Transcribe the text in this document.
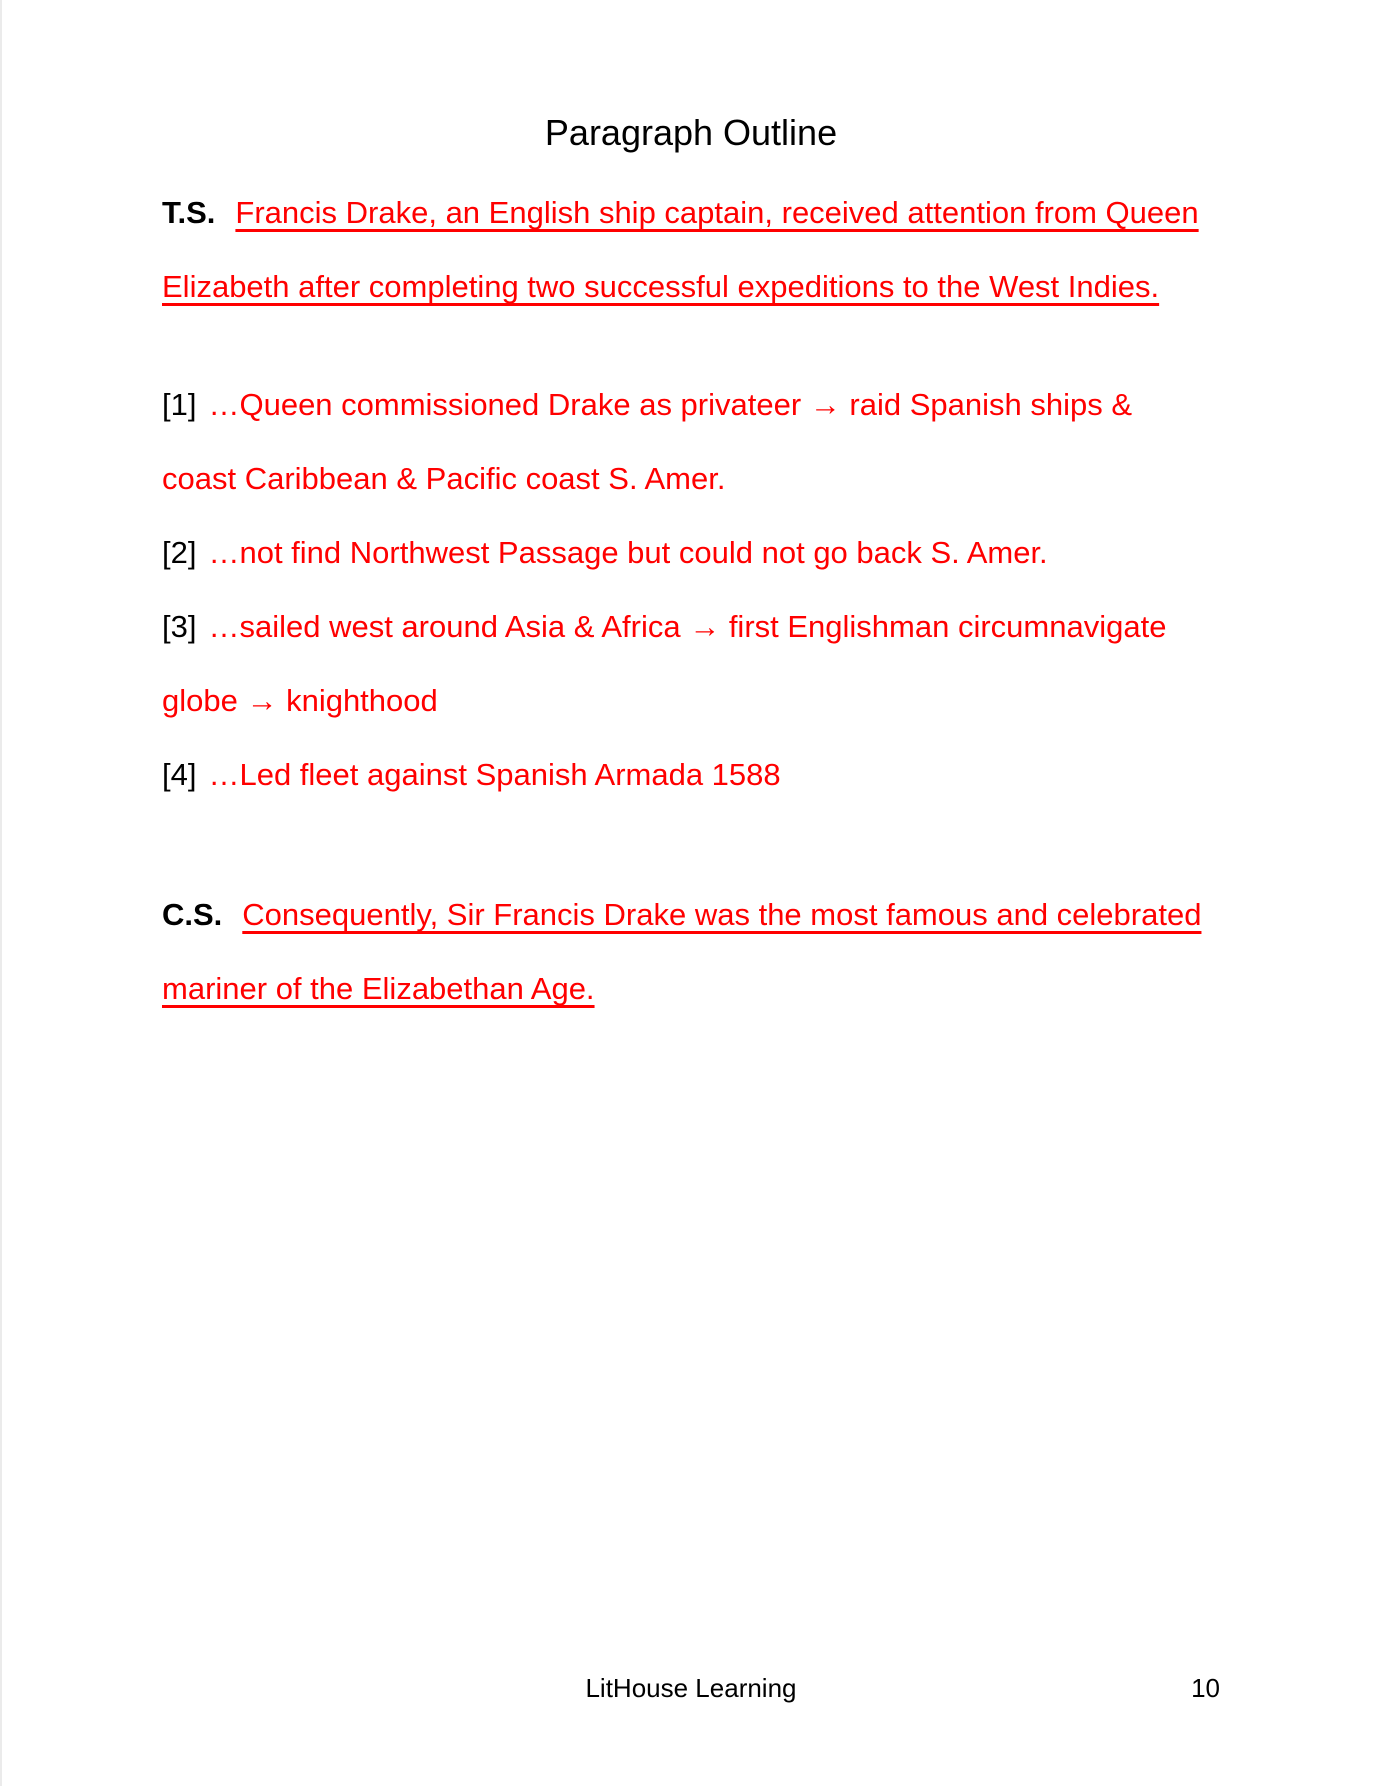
Paragraph Outline
T.S. Francis Drake, an English ship captain, received attention from Queen
Elizabeth after completing two successful expeditions to the West Indies.
[1] …Queen commissioned Drake as privateer → raid Spanish ships &
coast Caribbean & Pacific coast S. Amer.
[2] …not find Northwest Passage but could not go back S. Amer.
[3] …sailed west around Asia & Africa → first Englishman circumnavigate
globe → knighthood
[4] …Led fleet against Spanish Armada 1588
C.S. Consequently, Sir Francis Drake was the most famous and celebrated
mariner of the Elizabethan Age.
LitHouse Learning	10
